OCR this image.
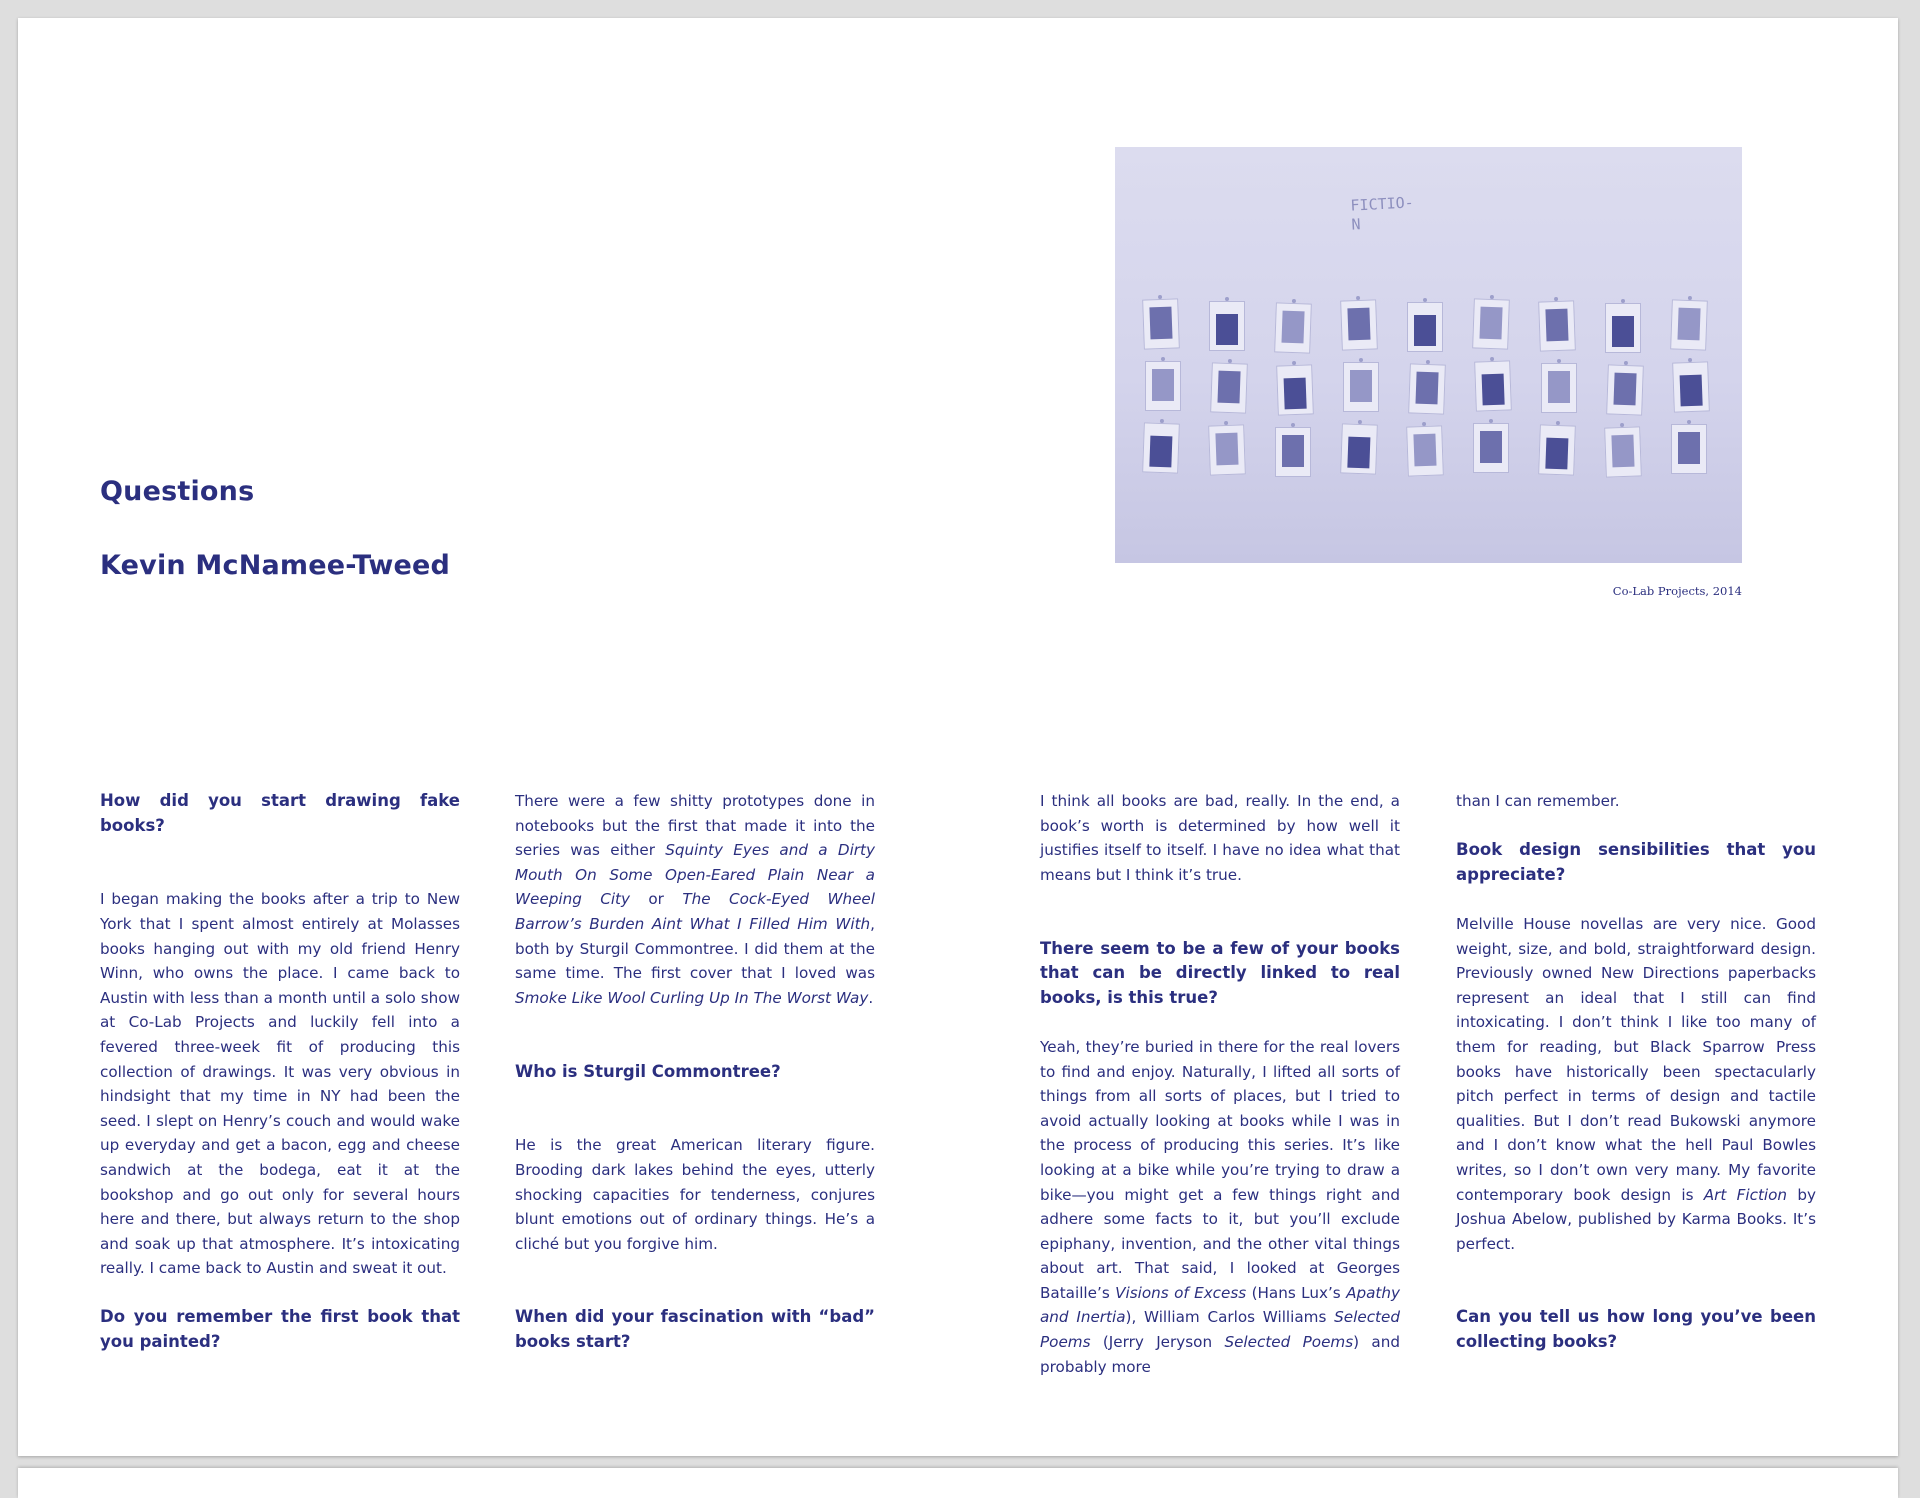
Questions
Kevin McNamee-Tweed
FICTIO-
N
Co-Lab Projects, 2014

How did you start drawing fake books?

I began making the books after a trip to New York that I spent almost entirely at Molasses books hanging out with my old friend Henry Winn, who owns the place. I came back to Austin with less than a month until a solo show at Co-Lab Projects and luckily fell into a fevered three-week fit of producing this collection of drawings. It was very obvious in hindsight that my time in NY had been the seed. I slept on Henry’s couch and would wake up everyday and get a bacon, egg and cheese sandwich at the bodega, eat it at the bookshop and go out only for several hours here and there, but always return to the shop and soak up that atmosphere. It’s intoxicating really. I came back to Austin and sweat it out.

Do you remember the first book that you painted?

There were a few shitty prototypes done in notebooks but the first that made it into the series was either Squinty Eyes and a Dirty Mouth On Some Open-Eared Plain Near a Weeping City or The Cock-Eyed Wheel Barrow’s Burden Aint What I Filled Him With, both by Sturgil Commontree. I did them at the same time. The first cover that I loved was Smoke Like Wool Curling Up In The Worst Way.

Who is Sturgil Commontree?

He is the great American literary figure. Brooding dark lakes behind the eyes, utterly shocking capacities for tenderness, conjures blunt emotions out of ordinary things. He’s a cliché but you forgive him.

When did your fascination with “bad” books start?

I think all books are bad, really. In the end, a book’s worth is determined by how well it justifies itself to itself. I have no idea what that means but I think it’s true.

There seem to be a few of your books that can be directly linked to real books, is this true?

Yeah, they’re buried in there for the real lovers to find and enjoy. Naturally, I lifted all sorts of things from all sorts of places, but I tried to avoid actually looking at books while I was in the process of producing this series. It’s like looking at a bike while you’re trying to draw a bike—you might get a few things right and adhere some facts to it, but you’ll exclude epiphany, invention, and the other vital things about art. That said, I looked at Georges Bataille’s Visions of Excess (Hans Lux’s Apathy and Inertia), William Carlos Williams Selected Poems (Jerry Jeryson Selected Poems) and probably more

than I can remember.

Book design sensibilities that you appreciate?

Melville House novellas are very nice. Good weight, size, and bold, straightforward design. Previously owned New Directions paperbacks represent an ideal that I still can find intoxicating. I don’t think I like too many of them for reading, but Black Sparrow Press books have historically been spectacularly pitch perfect in terms of design and tactile qualities. But I don’t read Bukowski anymore and I don’t know what the hell Paul Bowles writes, so I don’t own very many. My favorite contemporary book design is Art Fiction by Joshua Abelow, published by Karma Books. It’s perfect.

Can you tell us how long you’ve been collecting books?
